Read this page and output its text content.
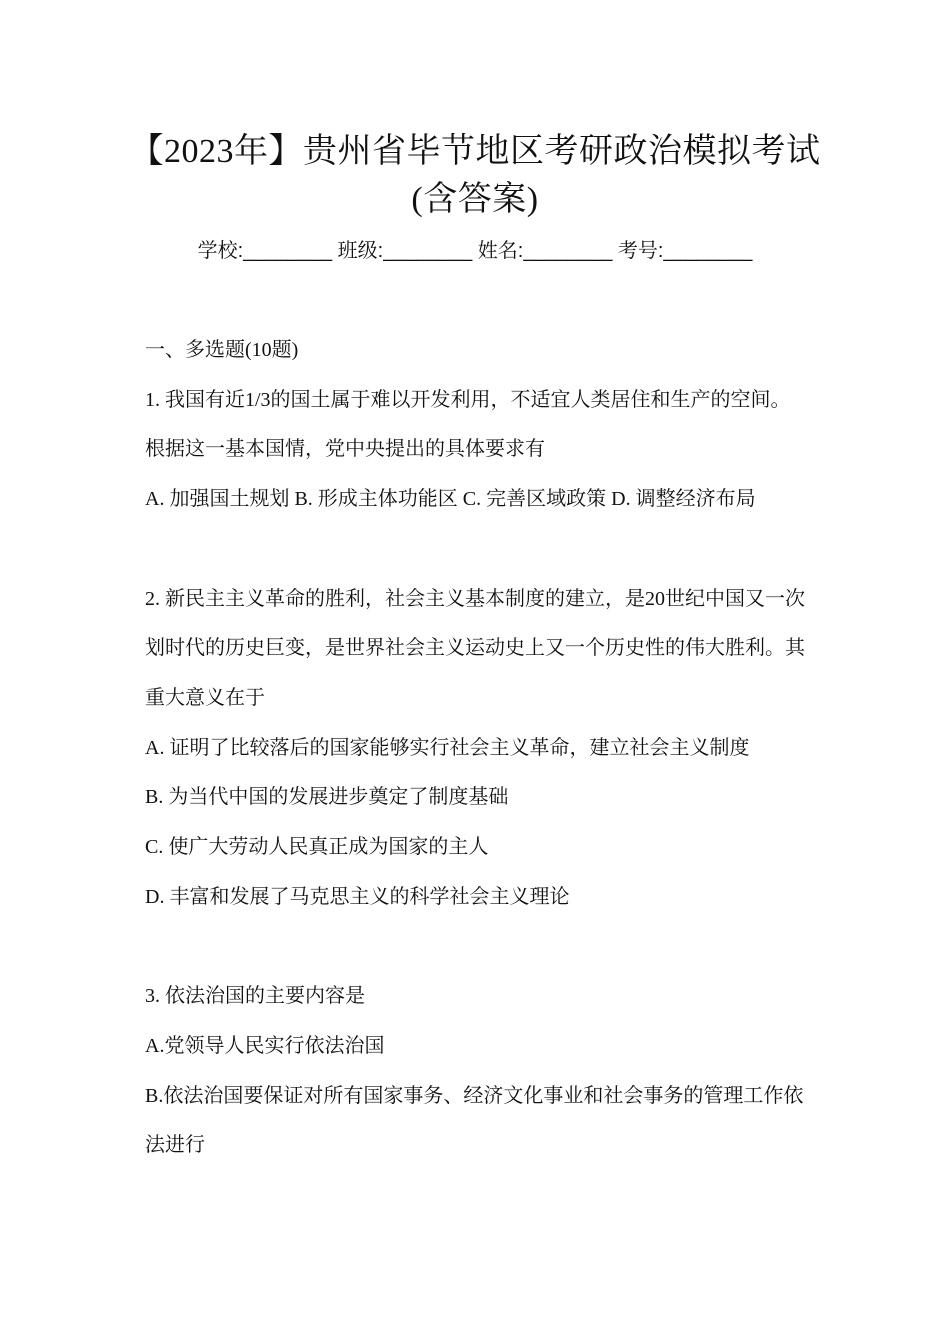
【2023年】贵州省毕节地区考研政治模拟考试(含答案)
学校:________ 班级:________ 姓名:________ 考号:________

一、多选题(10题)

1. 我国有近1/3的国土属于难以开发利用，不适宜人类居住和生产的空间。根据这一基本国情，党中央提出的具体要求有

A. 加强国土规划 B. 形成主体功能区 C. 完善区域政策 D. 调整经济布局

2. 新民主主义革命的胜利，社会主义基本制度的建立，是20世纪中国又一次划时代的历史巨变，是世界社会主义运动史上又一个历史性的伟大胜利。其重大意义在于

A. 证明了比较落后的国家能够实行社会主义革命，建立社会主义制度

B. 为当代中国的发展进步奠定了制度基础

C. 使广大劳动人民真正成为国家的主人

D. 丰富和发展了马克思主义的科学社会主义理论

3. 依法治国的主要内容是

A.党领导人民实行依法治国

B.依法治国要保证对所有国家事务、经济文化事业和社会事务的管理工作依法进行
